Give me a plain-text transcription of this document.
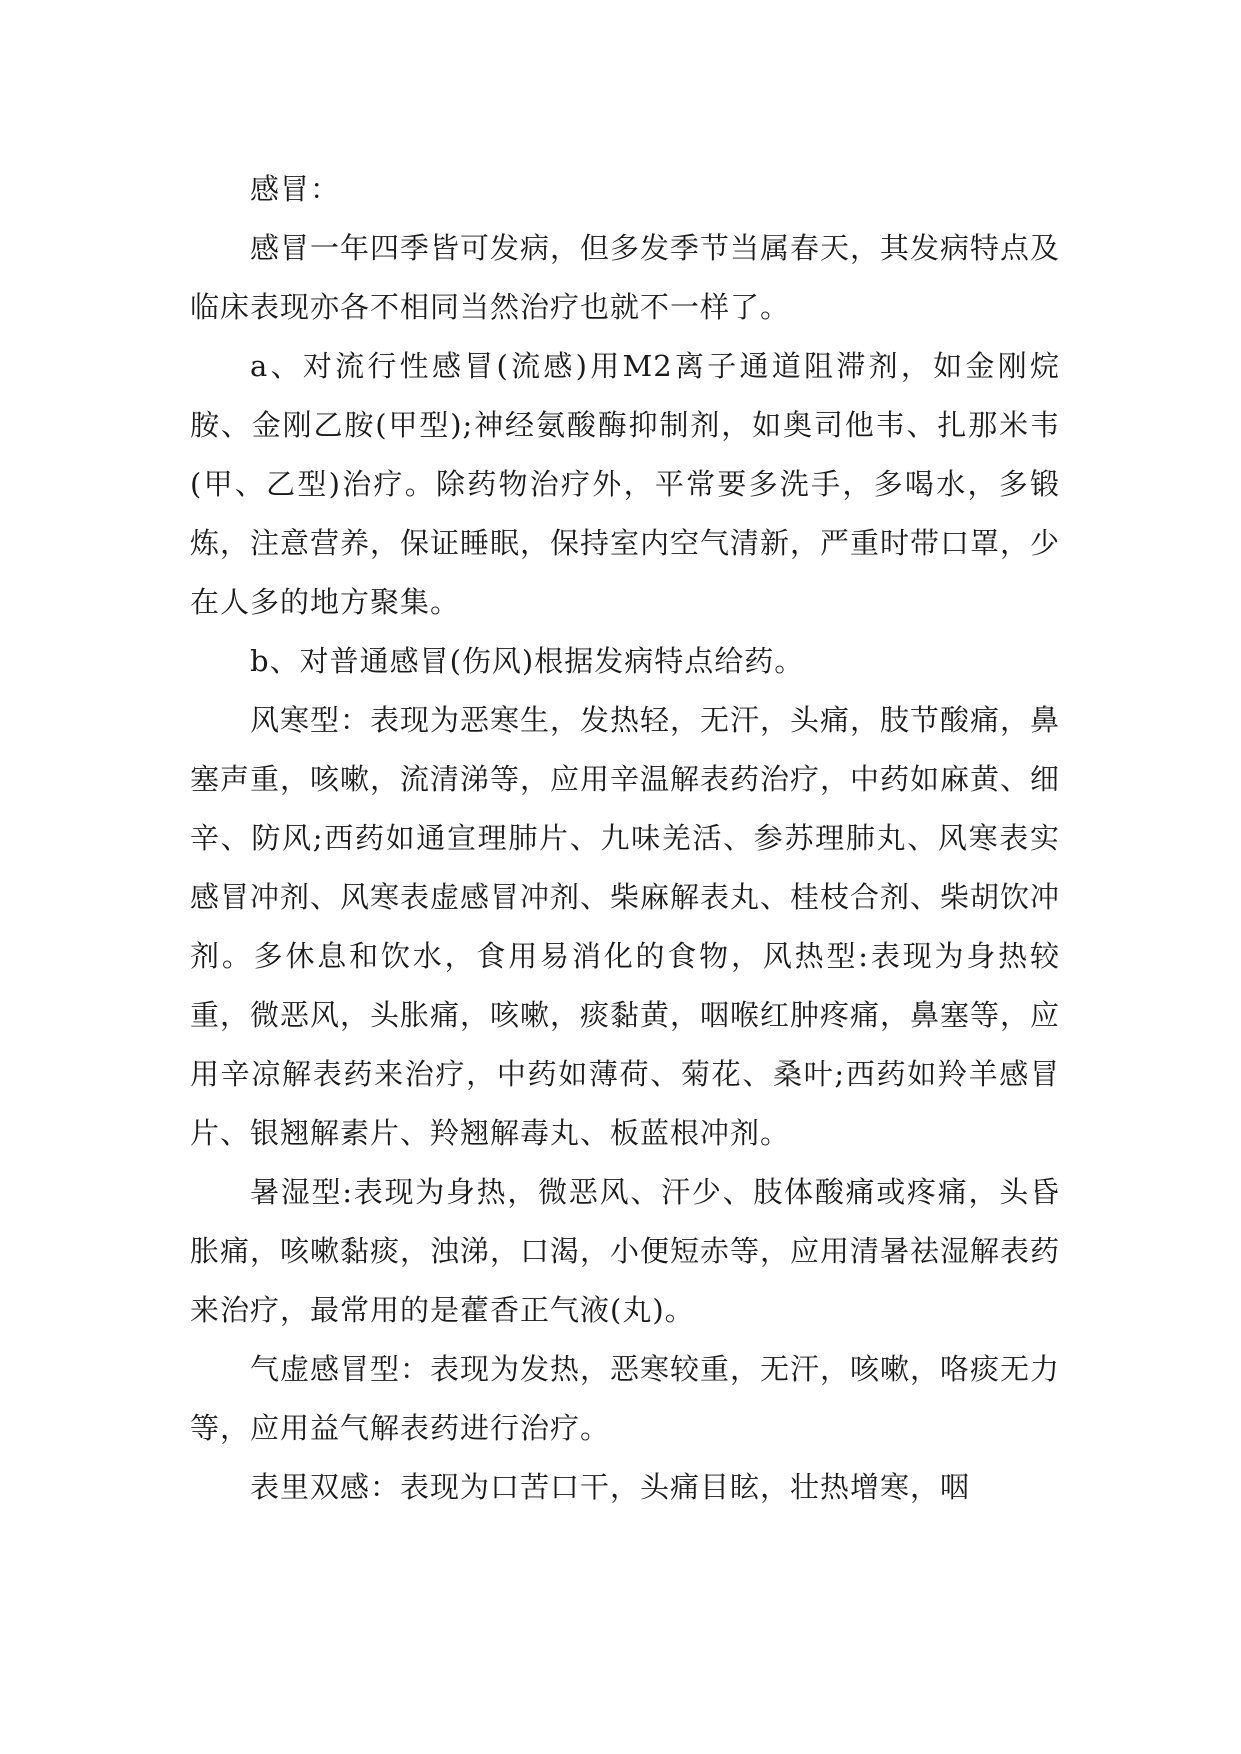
感冒：

感冒一年四季皆可发病，但多发季节当属春天，其发病特点及临床表现亦各不相同当然治疗也就不一样了。

a、对流行性感冒(流感)用M2离子通道阻滞剂，如金刚烷胺、金刚乙胺(甲型);神经氨酸酶抑制剂，如奥司他韦、扎那米韦(甲、乙型)治疗。除药物治疗外，平常要多洗手，多喝水，多锻炼，注意营养，保证睡眠，保持室内空气清新，严重时带口罩，少在人多的地方聚集。

b、对普通感冒(伤风)根据发病特点给药。

风寒型：表现为恶寒生，发热轻，无汗，头痛，肢节酸痛，鼻塞声重，咳嗽，流清涕等，应用辛温解表药治疗，中药如麻黄、细辛、防风;西药如通宣理肺片、九味羌活、参苏理肺丸、风寒表实感冒冲剂、风寒表虚感冒冲剂、柴麻解表丸、桂枝合剂、柴胡饮冲剂。多休息和饮水，食用易消化的食物，风热型:表现为身热较重，微恶风，头胀痛，咳嗽，痰黏黄，咽喉红肿疼痛，鼻塞等，应用辛凉解表药来治疗，中药如薄荷、菊花、桑叶;西药如羚羊感冒片、银翘解素片、羚翘解毒丸、板蓝根冲剂。

暑湿型:表现为身热，微恶风、汗少、肢体酸痛或疼痛，头昏胀痛，咳嗽黏痰，浊涕，口渴，小便短赤等，应用清暑祛湿解表药来治疗，最常用的是藿香正气液(丸)。

气虚感冒型：表现为发热，恶寒较重，无汗，咳嗽，咯痰无力等，应用益气解表药进行治疗。

表里双感：表现为口苦口干，头痛目眩，壮热增寒，咽
